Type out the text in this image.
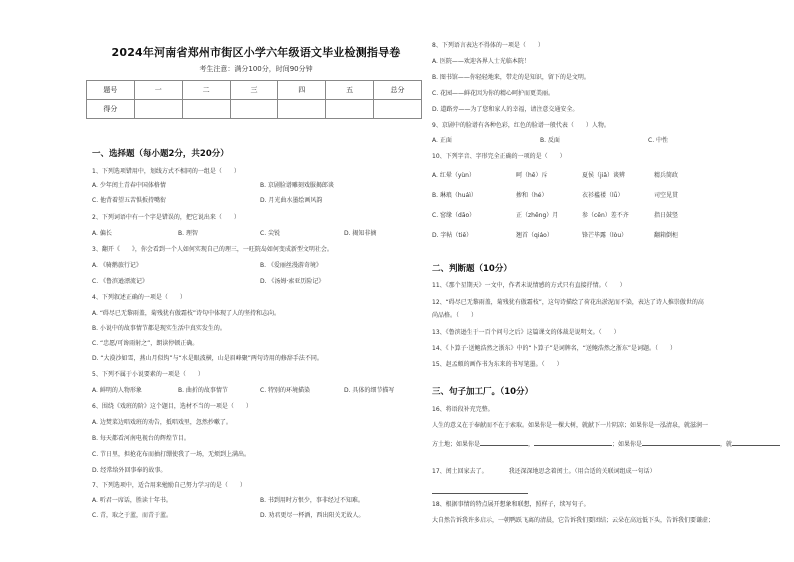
2024年河南省郑州市街区小学六年级语文毕业检测指导卷
考生注意：满分100分，时间90分钟
题号	一	二	三	四	五	总分
得分						
一、选择题（每小题2分，共20分）
1、下列选项错用中，划线方式不相同的一组是（　　）
A. 少年闰土青春中国体格情	B. 京剧脸谱雕刻戏服揭郎谈
C. 他背着望五苦惧扳持嘴衔	D. 月光曲水墨绘画风韵
2、下列词语中有一个字是错误的，把它说出来（　　）
A. 偏长	B. 理智	C. 尖锐	D. 揭知非摘
3、翻开《　　》，你会看到一个人如何实现自己的理三，一旺院岛如何变成新型文明社会。
A. 《骑鹅旅行记》	B. 《爱丽丝漫游奇境》
C. 《鲁滨逊漂流记》	D. 《汤姆·索亚历险记》
4、下列叙述正确的一项是（　　）
A. “碍尽已无黎雨盖，菊残犹有傲霜枝”诗句中体现了人的坚持和志向。
B. 小说中的故事情节都是现实生活中真实发生的。
C. “忠愿/可谗雨射之”，朗读停顿正确。
D. “大漠沙如雪，燕山月似钩”与“水是眼波横，山是眉峰聚”两句诗用的修辞手法不同。
5、下列不属于小说要素的一项是（　　）
A. 鲜明的人物形象	B. 曲折的故事情节	C. 特别的环境描染	D. 具体的细节描写
6、围绕《戏班的阶》这个题目，选材不当的一项是（　　）
A. 边焚菜边唱戏班的劝告，抵唱戏里，忽然抄嗽了。
B. 每天都看河南电视台的辉煌节目。
C. 节日里，担抢花布而抽打绷使我了一场，无烦到上满出。
D. 经常给外回事奉的故事。
7、下列选项中，适合用来勉励自己努力学习的是（　　）
A. 听君一席话，胜读十年书。	B. 书到用时方恨少，事非经过不知难。
C. 青，取之于蓝，而青于蓝。	D. 劝君更尽一杯酒，西出阳关无故人。
8、下列语言表达不得体的一项是（　　）
A. 医院——欢迎各界人士光临本院！
B. 图书馆——你轻轻地来，带走的是知识，留下的是文明。
C. 花园——鲜花因为你的精心呵护而更美丽。
D. 道路旁——为了您和家人的幸福，请注意交通安全。
9、京剧中的脸谱有各种色彩，红色的脸谱一般代表（　　）人物。
A. 正面	B. 反面	C. 中性
10、下列字音、字形完全正确的一项的是（　　）
A. 红晕（yùn）	呵（hē）斥	夏侯（jiǎ）谈辨	精兵简政
B. 琳琅（huáì）	掺和（hé）	衣衫褴褛（lǚ）	司空见贯
C. 窑缘（dāo）	正（zhēng）月	参（cēn）差不齐	指日鼓竖
D. 字帖（tiē）	翘首（qiáo）	锋芒毕露（lòu）	翻箱倒柜
二、判断题（10分）
11、《那个星期天》一文中，作者未说情感的方式只有直接抒情。（　　）
12、“碍尽已无黎雨盖，菊残犹有傲霜枝”，这句诗描绘了荷花出淤泥而不染，表达了诗人推崇傲世的高
尚品格。（　　）
13、《鲁滨逊生于一百个问号之后》这篇课文的体裁是说明文。（　　）
14、《卜算子·送鲍浩然之浙东》中的“卜算子”是词牌名，“送鲍浩然之浙东”是词题。（　　）
15、赵孟頫的画作书为东来的书写笔墨。（　　）
三、句子加工厂。（10分）
16、将语段补充完整。
人生的意义在于奉献而不在于索取。如果你是一棵大树，就献下一片阴凉；如果你是一泓清泉，就滋润一
方土地；如果你是	，	；如果你是	，就
17、闰土回家去了。　　　　我还深深地思念着闰土。（用合适的关联词组成一句话）
18、根据事情的特点展开想象和联想，照样子，续写句子。
大自然告诉我许多启示，一朝鸭跃飞离的清晨，它告诉我们要团结；云朵在高远低下头，告诉我们要谦虚；
